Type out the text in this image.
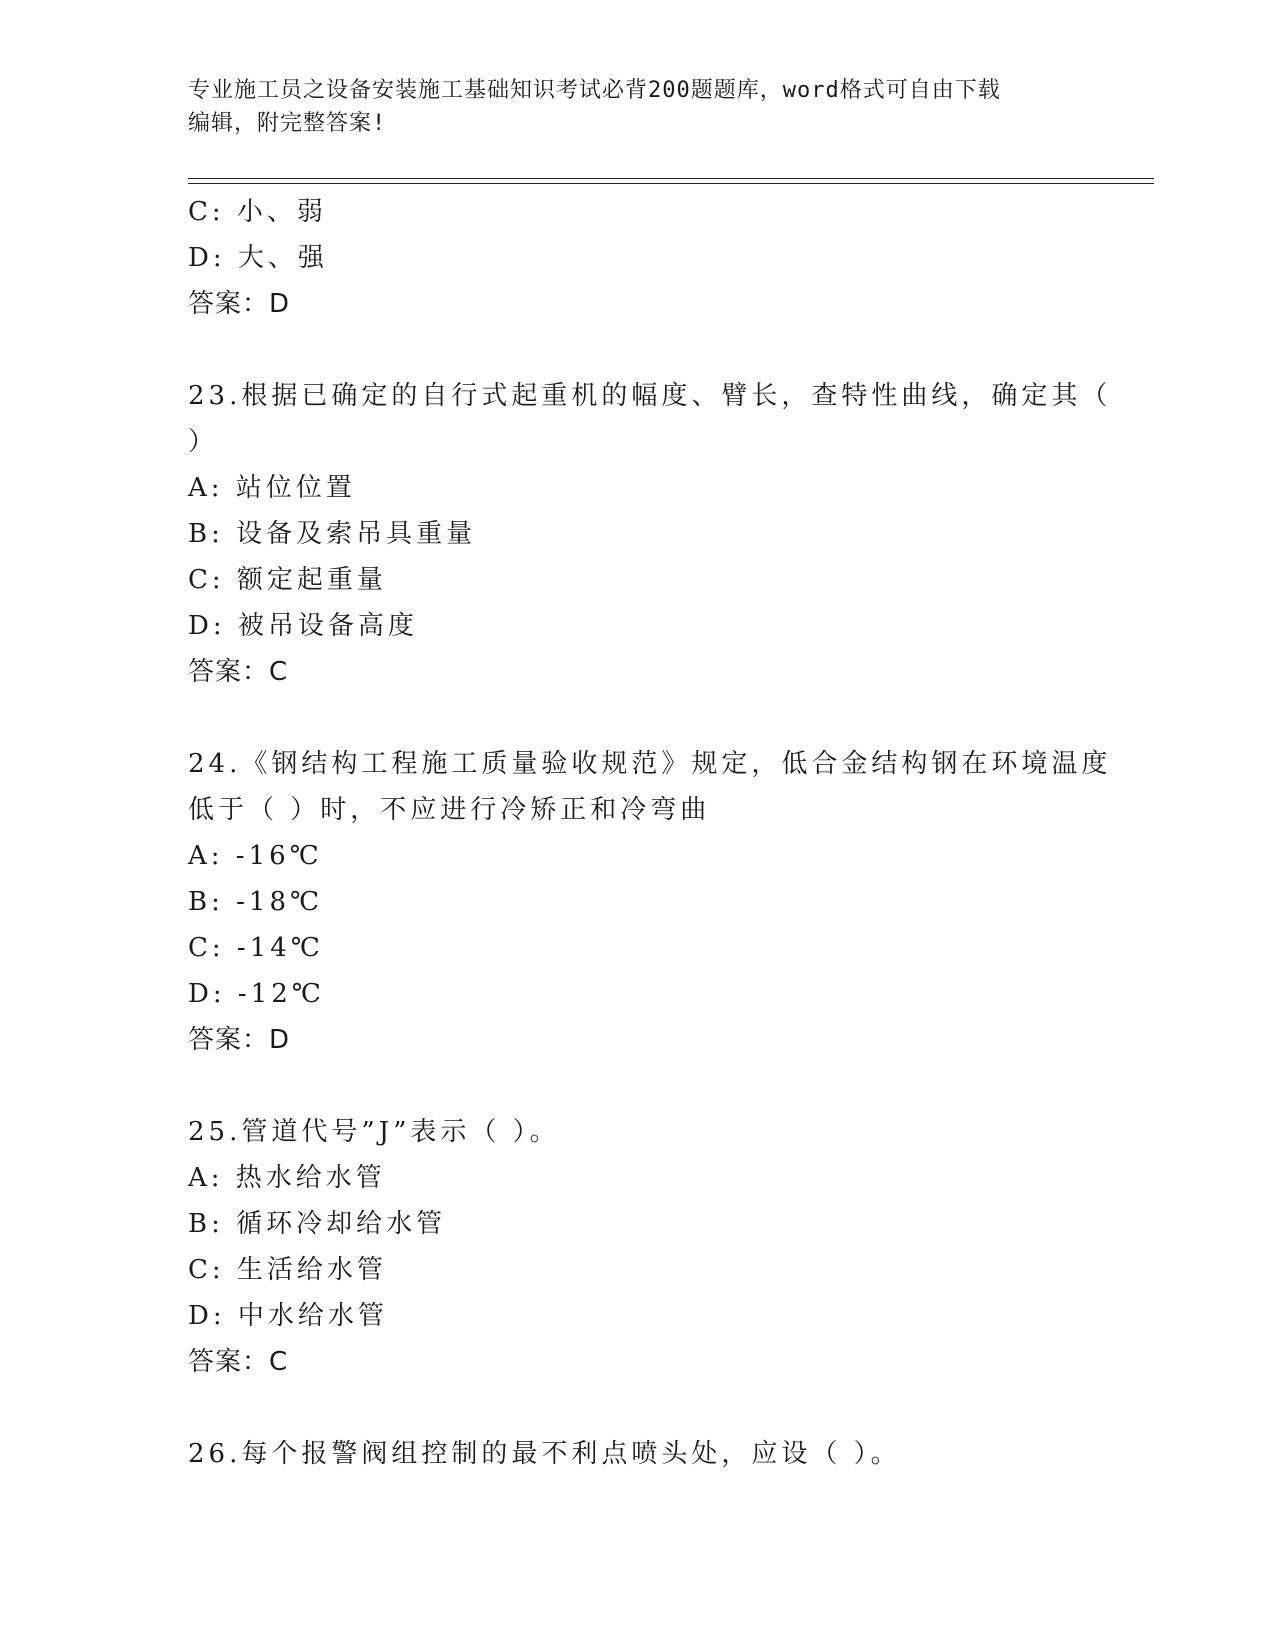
专业施工员之设备安装施工基础知识考试必背200题题库，word格式可自由下载
编辑，附完整答案!
C: 小、弱
D: 大、强
答案：D
23.根据已确定的自行式起重机的幅度、臂长，查特性曲线，确定其（
）
A: 站位位置
B: 设备及索吊具重量
C: 额定起重量
D: 被吊设备高度
答案：C
24.《钢结构工程施工质量验收规范》规定，低合金结构钢在环境温度
低于（ ）时，不应进行冷矫正和冷弯曲
A: -16℃
B: -18℃
C: -14℃
D: -12℃
答案：D
25.管道代号”J”表示（ ）。
A: 热水给水管
B: 循环冷却给水管
C: 生活给水管
D: 中水给水管
答案：C
26.每个报警阀组控制的最不利点喷头处，应设（ ）。
